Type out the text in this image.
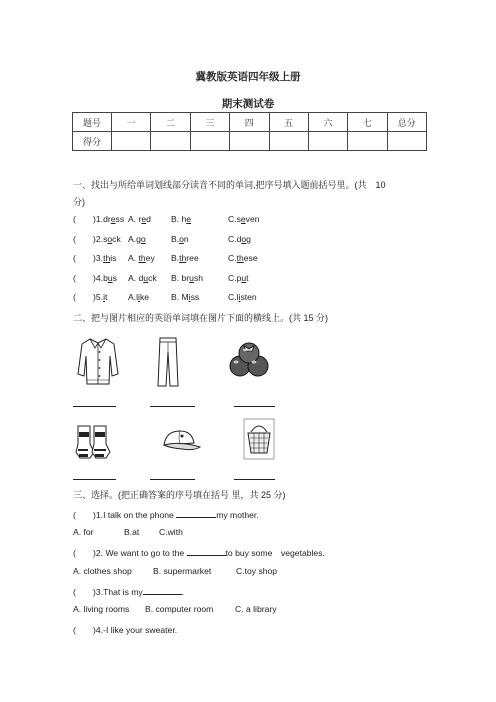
冀教版英语四年级上册
期末测试卷
题号	一	二	三	四	五	六	七	总分
得分								
一、找出与所给单词划线部分读音不同的单词,把序号填入题前括号里。(共　10
分)
(　　)1.dress A. red B. he	C.seven
(　　)2.sock A.go	B.on	C.dog
(　　)3.this A. they B.three	C.these
(　　)4.bus A. duck B. brush	C.put
(　　)5.it A.like	B. Miss	C.listen
二、把与图片相应的英语单词填在图片下面的横线上。(共 15 分)
三、选择。(把正确答案的序号填在括号 里，共 25 分)
(　　)1.I talk on the phone	my mother.
A. for	B.at C.with
(　　)2. We want to go to the	to buy some　vegetables.
A. clothes shop B. supermarket	C.toy shop
(　　)3.That is my	.
A. living rooms B. computer room	C. a library
(　　)4.-I like your sweater.
